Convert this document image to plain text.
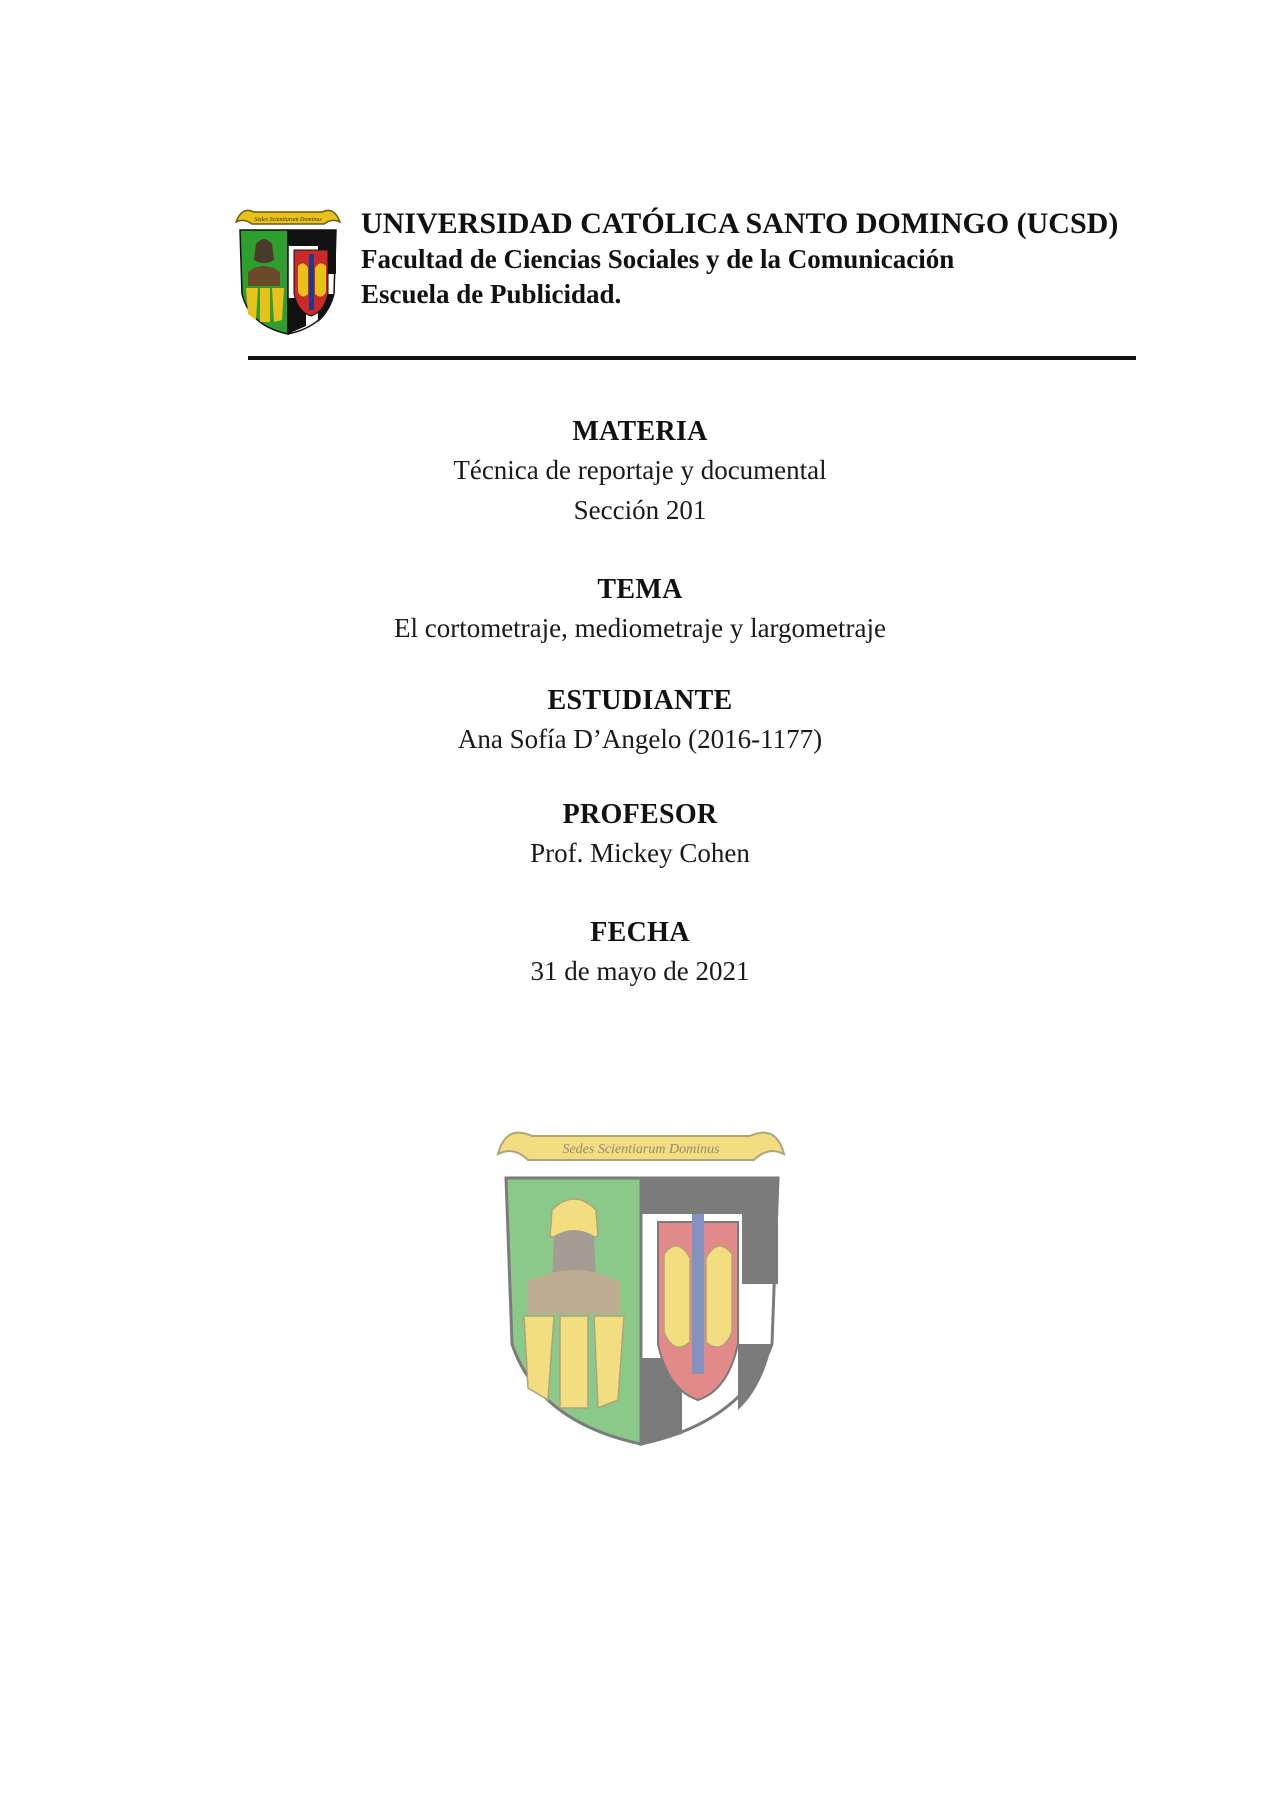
Sedes Scientiarum Dominus UNIVERSIDAD CATÓLICA SANTO DOMINGO (UCSD)
Facultad de Ciencias Sociales y de la Comunicación
Escuela de Publicidad.
MATERIA
Técnica de reportaje y documental
Sección 201
TEMA
El cortometraje, mediometraje y largometraje
ESTUDIANTE
Ana Sofía D’Angelo (2016-1177)
PROFESOR
Prof. Mickey Cohen
FECHA
31 de mayo de 2021
Sedes Scientiarum Dominus
